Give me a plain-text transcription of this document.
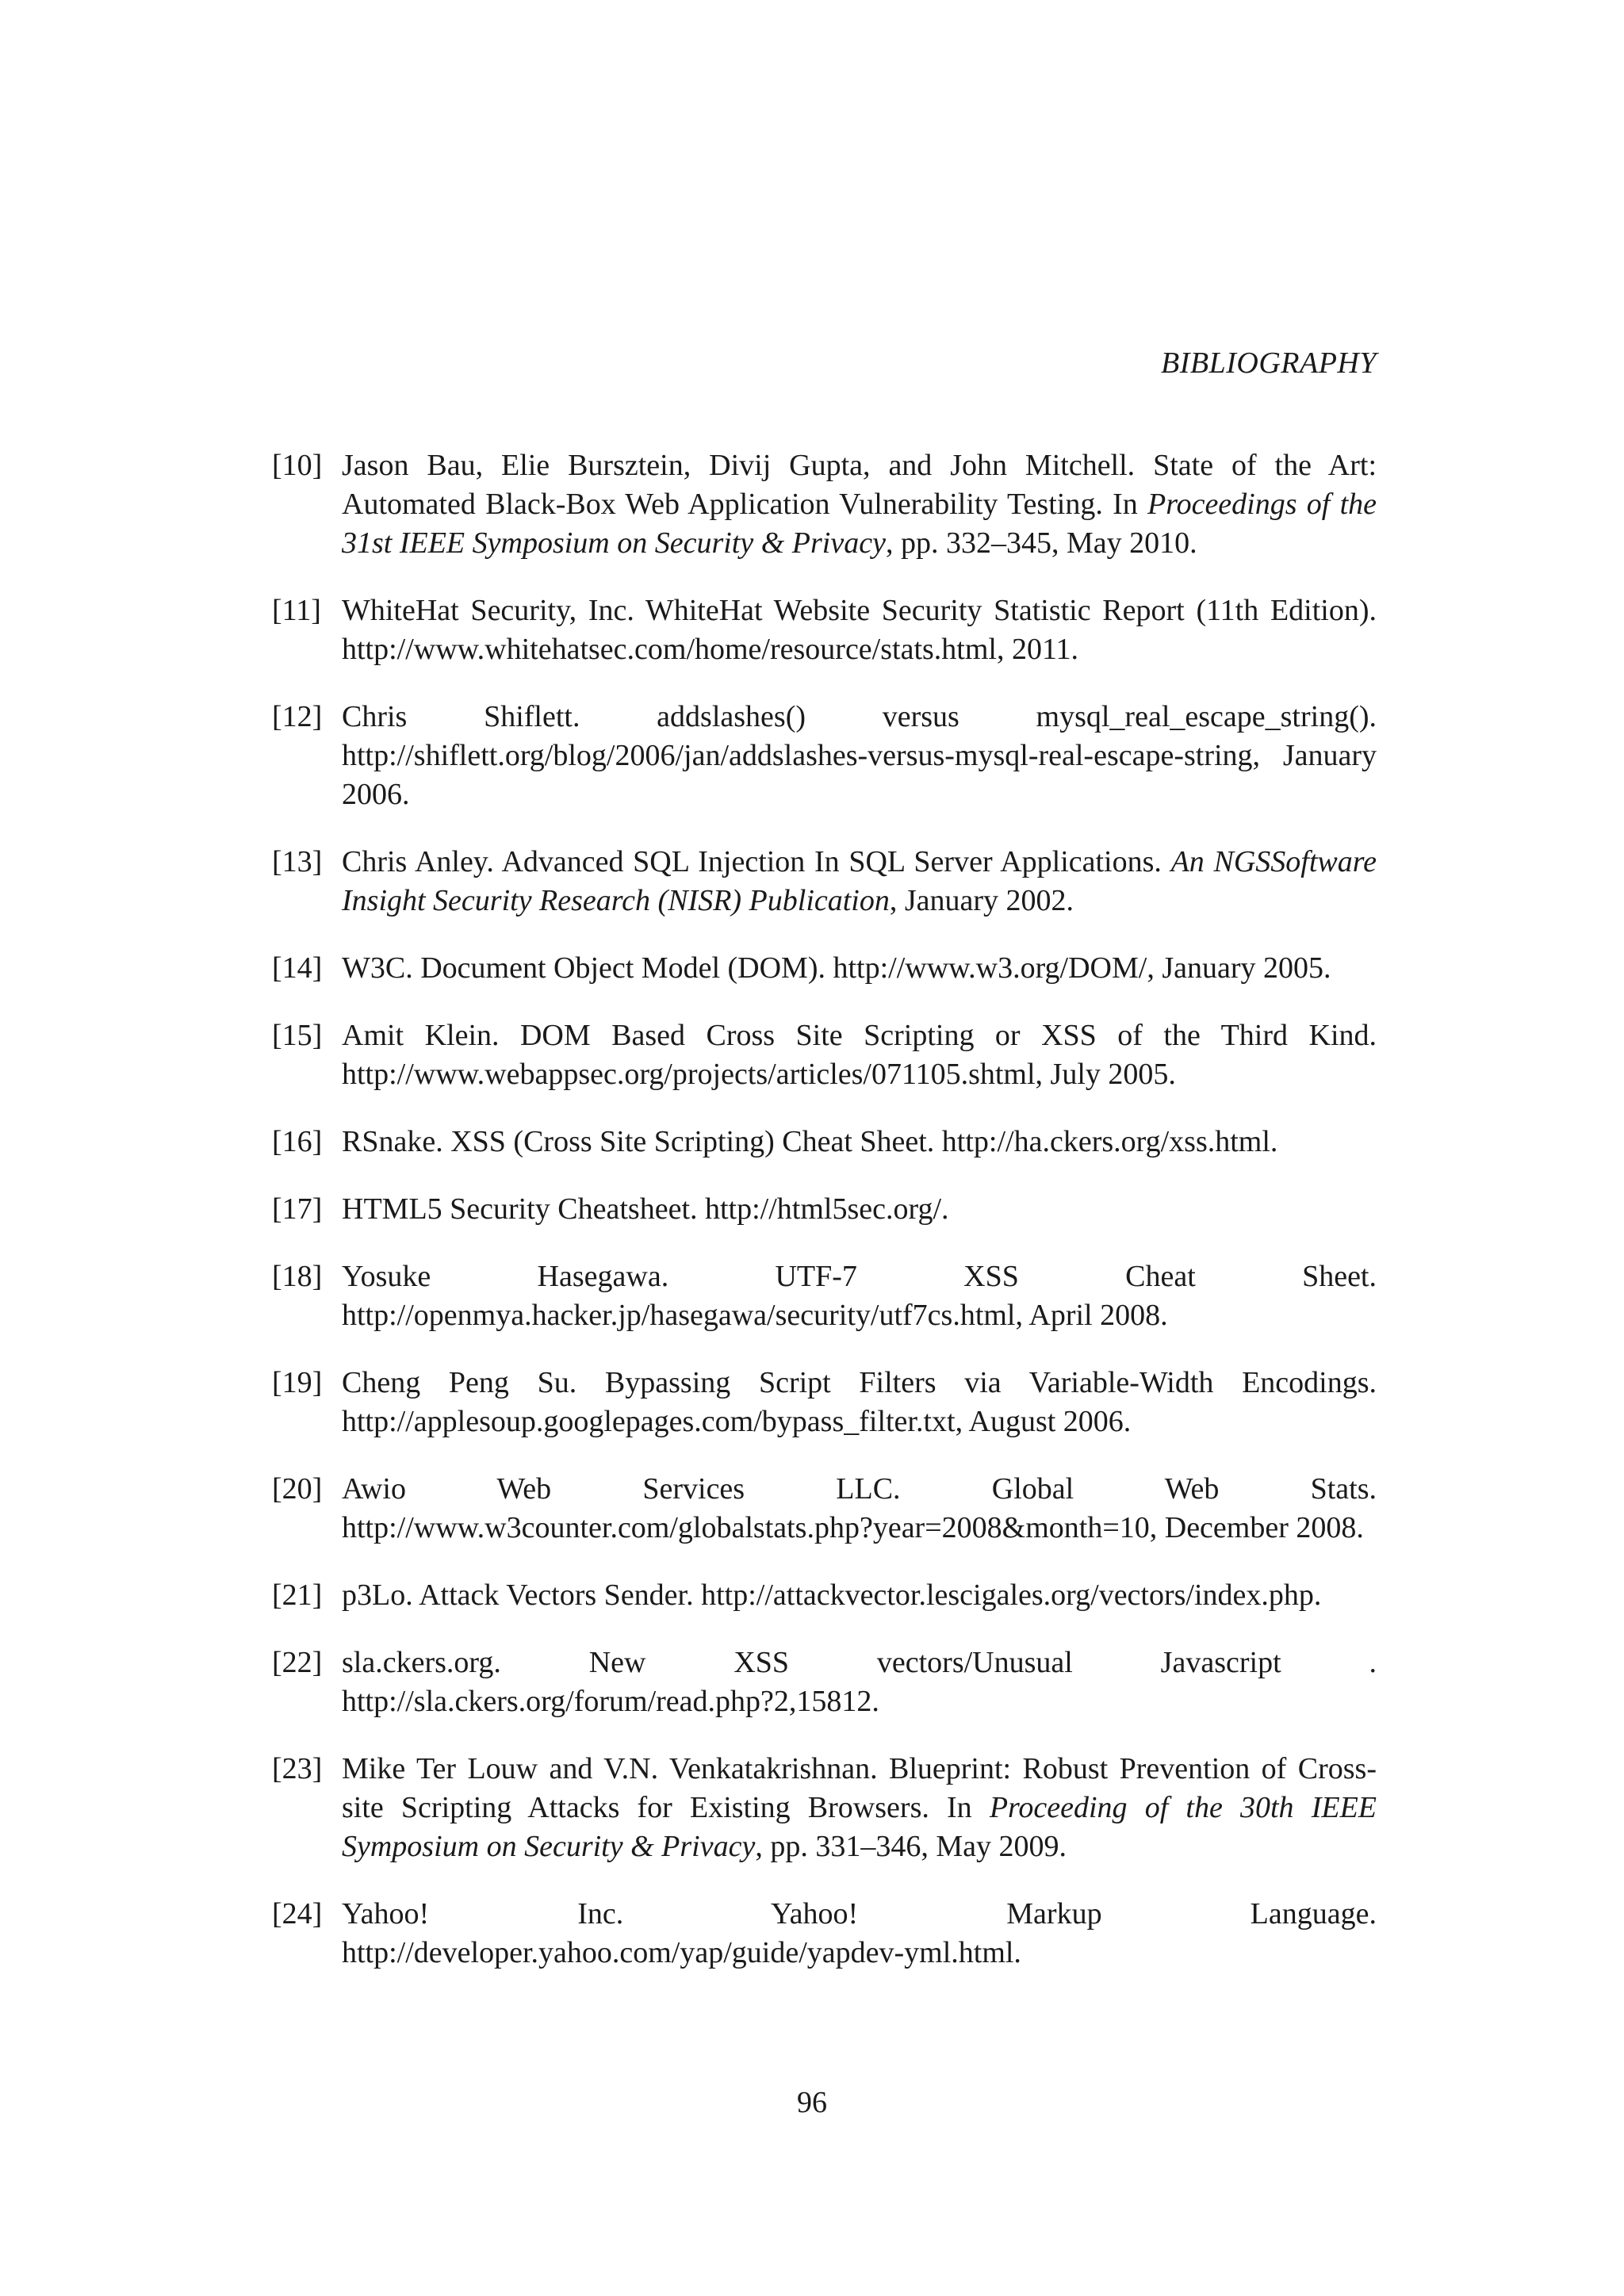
BIBLIOGRAPHY
[10] Jason Bau, Elie Bursztein, Divij Gupta, and John Mitchell. State of the Art: Automated Black-Box Web Application Vulnerability Testing. In Proceedings of the 31st IEEE Symposium on Security & Privacy, pp. 332–345, May 2010.
[11] WhiteHat Security, Inc. WhiteHat Website Security Statistic Report (11th Edition). http://www.whitehatsec.com/home/resource/stats.html, 2011.
[12] Chris Shiflett. addslashes() versus mysql_real_escape_string(). http://shiflett.org/blog/2006/jan/addslashes-versus-mysql-real-escape-string, January 2006.
[13] Chris Anley. Advanced SQL Injection In SQL Server Applications. An NGSSoftware Insight Security Research (NISR) Publication, January 2002.
[14] W3C. Document Object Model (DOM). http://www.w3.org/DOM/, January 2005.
[15] Amit Klein. DOM Based Cross Site Scripting or XSS of the Third Kind. http://www.webappsec.org/projects/articles/071105.shtml, July 2005.
[16] RSnake. XSS (Cross Site Scripting) Cheat Sheet. http://ha.ckers.org/xss.html.
[17] HTML5 Security Cheatsheet. http://html5sec.org/.
[18] Yosuke Hasegawa. UTF-7 XSS Cheat Sheet. http://openmya.hacker.jp/hasegawa/security/utf7cs.html, April 2008.
[19] Cheng Peng Su. Bypassing Script Filters via Variable-Width Encodings. http://applesoup.googlepages.com/bypass_filter.txt, August 2006.
[20] Awio Web Services LLC. Global Web Stats. http://www.w3counter.com/globalstats.php?year=2008&month=10, December 2008.
[21] p3Lo. Attack Vectors Sender. http://attackvector.lescigales.org/vectors/index.php.
[22] sla.ckers.org. New XSS vectors/Unusual Javascript . http://sla.ckers.org/forum/read.php?2,15812.
[23] Mike Ter Louw and V.N. Venkatakrishnan. Blueprint: Robust Prevention of Cross-site Scripting Attacks for Existing Browsers. In Proceeding of the 30th IEEE Symposium on Security & Privacy, pp. 331–346, May 2009.
[24] Yahoo! Inc. Yahoo! Markup Language. http://developer.yahoo.com/yap/guide/yapdev-yml.html.
96
